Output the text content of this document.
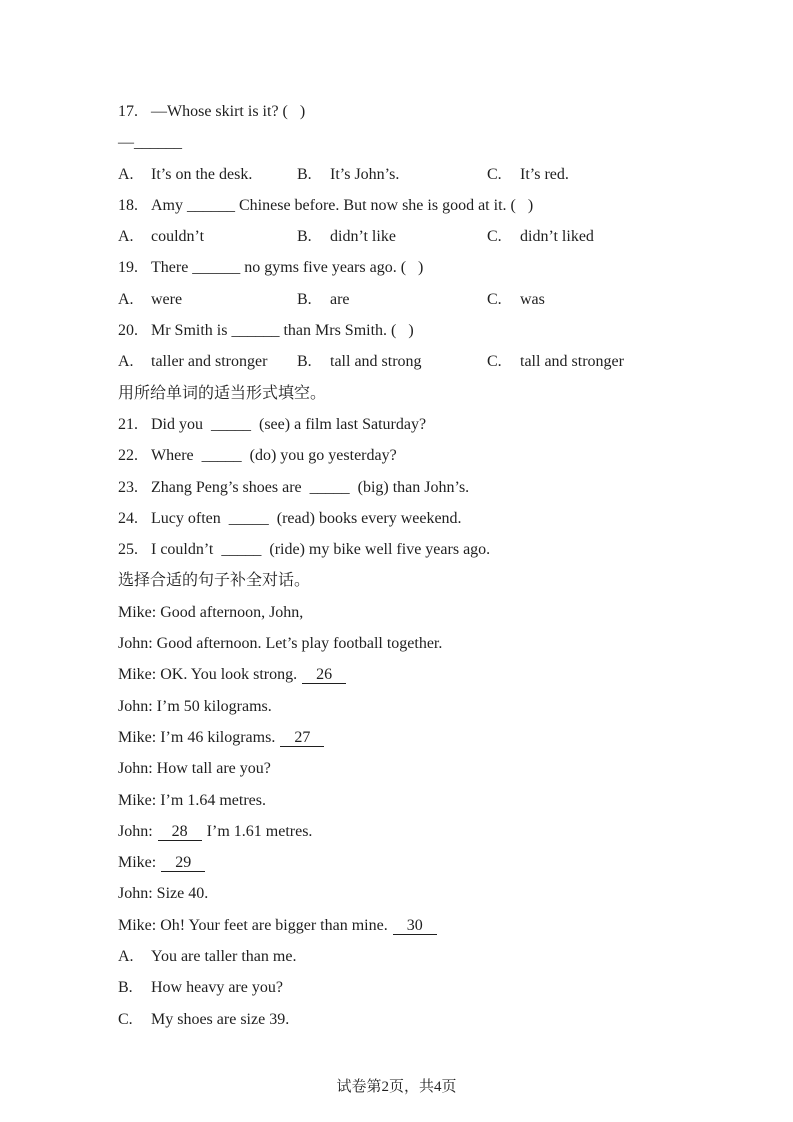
17. —Whose skirt is it? (   )
—______
A. It’s on the desk.	B. It’s John’s.	C. It’s red.
18. Amy ______ Chinese before. But now she is good at it. (   )
A. couldn’t	B. didn’t like	C. didn’t liked
19. There ______ no gyms five years ago. (   )
A. were	B. are	C. was
20. Mr Smith is ______ than Mrs Smith. (   )
A. taller and stronger	B. tall and strong	C. tall and stronger
用所给单词的适当形式填空。
21. Did you  _____  (see) a film last Saturday?
22. Where  _____  (do) you go yesterday?
23. Zhang Peng’s shoes are  _____  (big) than John’s.
24. Lucy often  _____  (read) books every weekend.
25. I couldn’t  _____  (ride) my bike well five years ago.
选择合适的句子补全对话。
Mike: Good afternoon, John,
John: Good afternoon. Let’s play football together.
Mike: OK. You look strong. 26
John: I’m 50 kilograms.
Mike: I’m 46 kilograms. 27
John: How tall are you?
Mike: I’m 1.64 metres.
John: 28 I’m 1.61 metres.
Mike: 29
John: Size 40.
Mike: Oh! Your feet are bigger than mine. 30
A. You are taller than me.
B. How heavy are you?
C. My shoes are size 39.
试卷第2页，共4页
